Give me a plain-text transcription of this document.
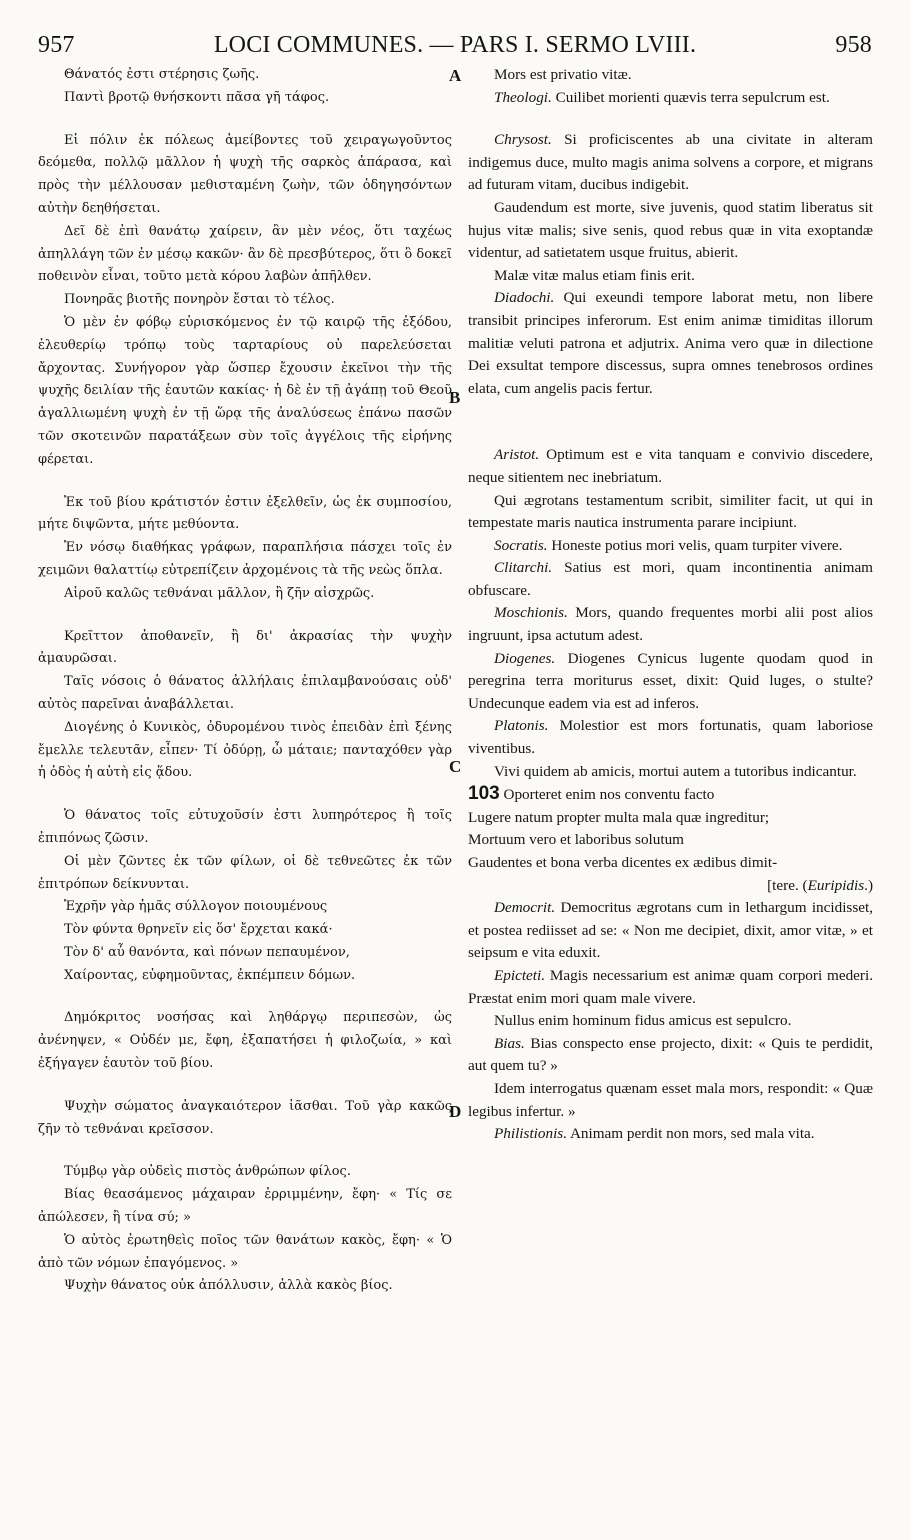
957	LOCI COMMUNES. — PARS I. SERMO LVIII.	958
A
B
C
D

Θάνατός ἐστι στέρησις ζωῆς.

Παντὶ βροτῷ θνήσκοντι πᾶσα γῆ τάφος.

Εἰ πόλιν ἐκ πόλεως ἀμείβοντες τοῦ χειραγωγοῦντος δεόμεθα, πολλῷ μᾶλλον ἡ ψυχὴ τῆς σαρκὸς ἀπάρασα, καὶ πρὸς τὴν μέλλουσαν μεθισταμένη ζωὴν, τῶν ὁδηγησόντων αὐτὴν δεηθήσεται.

Δεῖ δὲ ἐπὶ θανάτῳ χαίρειν, ἂν μὲν νέος, ὅτι ταχέως ἀπηλλάγη τῶν ἐν μέσῳ κακῶν· ἂν δὲ πρεσβύτερος, ὅτι ὃ δοκεῖ ποθεινὸν εἶναι, τοῦτο μετὰ κόρου λαβὼν ἀπῆλθεν.

Πονηρᾶς βιοτῆς πονηρὸν ἔσται τὸ τέλος.

Ὁ μὲν ἐν φόβῳ εὑρισκόμενος ἐν τῷ καιρῷ τῆς ἐξόδου, ἐλευθερίῳ τρόπῳ τοὺς ταρταρίους οὐ παρελεύσεται ἄρχοντας. Συνήγορον γὰρ ὥσπερ ἔχουσιν ἐκεῖνοι τὴν τῆς ψυχῆς δειλίαν τῆς ἑαυτῶν κακίας· ἡ δὲ ἐν τῇ ἀγάπῃ τοῦ Θεοῦ ἀγαλλιωμένη ψυχὴ ἐν τῇ ὥρᾳ τῆς ἀναλύσεως ἐπάνω πασῶν τῶν σκοτεινῶν παρατάξεων σὺν τοῖς ἀγγέλοις τῆς εἰρήνης φέρεται.

Ἐκ τοῦ βίου κράτιστόν ἐστιν ἐξελθεῖν, ὡς ἐκ συμποσίου, μήτε διψῶντα, μήτε μεθύοντα.

Ἐν νόσῳ διαθήκας γράφων, παραπλήσια πάσχει τοῖς ἐν χειμῶνι θαλαττίῳ εὐτρεπίζειν ἀρχομένοις τὰ τῆς νεὼς ὅπλα.

Αἱροῦ καλῶς τεθνάναι μᾶλλον, ἢ ζῆν αἰσχρῶς.

Κρεῖττον ἀποθανεῖν, ἢ δι' ἀκρασίας τὴν ψυχὴν ἀμαυρῶσαι.

Ταῖς νόσοις ὁ θάνατος ἀλλήλαις ἐπιλαμβανούσαις οὐδ' αὐτὸς παρεῖναι ἀναβάλλεται.

Διογένης ὁ Κυνικὸς, ὀδυρομένου τινὸς ἐπειδὰν ἐπὶ ξένης ἔμελλε τελευτᾶν, εἶπεν· Τί ὀδύρῃ, ὦ μάταιε; πανταχόθεν γὰρ ἡ ὁδὸς ἡ αὐτὴ εἰς ᾅδου.

Ὁ θάνατος τοῖς εὐτυχοῦσίν ἐστι λυπηρότερος ἢ τοῖς ἐπιπόνως ζῶσιν.

Οἱ μὲν ζῶντες ἐκ τῶν φίλων, οἱ δὲ τεθνεῶτες ἐκ τῶν ἐπιτρόπων δείκνυνται.

Ἐχρῆν γὰρ ἡμᾶς σύλλογον ποιουμένους

Τὸν φύντα θρηνεῖν εἰς ὅσ' ἔρχεται κακά·

Τὸν δ' αὖ θανόντα, καὶ πόνων πεπαυμένον,

Χαίροντας, εὐφημοῦντας, ἐκπέμπειν δόμων.

Δημόκριτος νοσήσας καὶ ληθάργῳ περιπεσὼν, ὡς ἀνένηψεν, « Οὐδέν με, ἔφη, ἐξαπατήσει ἡ φιλοζωία, » καὶ ἐξήγαγεν ἑαυτὸν τοῦ βίου.

Ψυχὴν σώματος ἀναγκαιότερον ἰᾶσθαι. Τοῦ γὰρ κακῶς ζῆν τὸ τεθνάναι κρεῖσσον.

Τύμβῳ γὰρ οὐδεὶς πιστὸς ἀνθρώπων φίλος.

Βίας θεασάμενος μάχαιραν ἐρριμμένην, ἔφη· « Τίς σε ἀπώλεσεν, ἢ τίνα σύ; »

Ὁ αὐτὸς ἐρωτηθεὶς ποῖος τῶν θανάτων κακὸς, ἔφη· « Ὁ ἀπὸ τῶν νόμων ἐπαγόμενος. »

Ψυχὴν θάνατος οὐκ ἀπόλλυσιν, ἀλλὰ κακὸς βίος.

Mors est privatio vitæ.

Theologi. Cuilibet morienti quævis terra sepulcrum est.

Chrysost. Si proficiscentes ab una civitate in alteram indigemus duce, multo magis anima solvens a corpore, et migrans ad futuram vitam, ducibus indigebit.

Gaudendum est morte, sive juvenis, quod statim liberatus sit hujus vitæ malis; sive senis, quod rebus quæ in vita exoptandæ videntur, ad satietatem usque fruitus, abierit.

Malæ vitæ malus etiam finis erit.

Diadochi. Qui exeundi tempore laborat metu, non libere transibit principes inferorum. Est enim animæ timiditas illorum malitiæ veluti patrona et adjutrix. Anima vero quæ in dilectione Dei exsultat tempore discessus, supra omnes tenebrosos ordines elata, cum angelis pacis fertur.

Aristot. Optimum est e vita tanquam e convivio discedere, neque sitientem nec inebriatum.

Qui ægrotans testamentum scribit, similiter facit, ut qui in tempestate maris nautica instrumenta parare incipiunt.

Socratis. Honeste potius mori velis, quam turpiter vivere.

Clitarchi. Satius est mori, quam incontinentia animam obfuscare.

Moschionis. Mors, quando frequentes morbi alii post alios ingruunt, ipsa actutum adest.

Diogenes. Diogenes Cynicus lugente quodam quod in peregrina terra moriturus esset, dixit: Quid luges, o stulte? Undecunque eadem via est ad inferos.

Platonis. Molestior est mors fortunatis, quam laboriose viventibus.

Vivi quidem ab amicis, mortui autem a tutoribus indicantur.

103 Oporteret enim nos conventu facto

Lugere natum propter multa mala quæ ingreditur;

Mortuum vero et laboribus solutum

Gaudentes et bona verba dicentes ex ædibus dimit-

[tere. (Euripidis.)

Democrit. Democritus ægrotans cum in lethargum incidisset, et postea rediisset ad se: « Non me decipiet, dixit, amor vitæ, » et seipsum e vita eduxit.

Epicteti. Magis necessarium est animæ quam corpori mederi. Præstat enim mori quam male vivere.

Nullus enim hominum fidus amicus est sepulcro.

Bias. Bias conspecto ense projecto, dixit: « Quis te perdidit, aut quem tu? »

Idem interrogatus quænam esset mala mors, respondit: « Quæ legibus infertur. »

Philistionis. Animam perdit non mors, sed mala vita.
